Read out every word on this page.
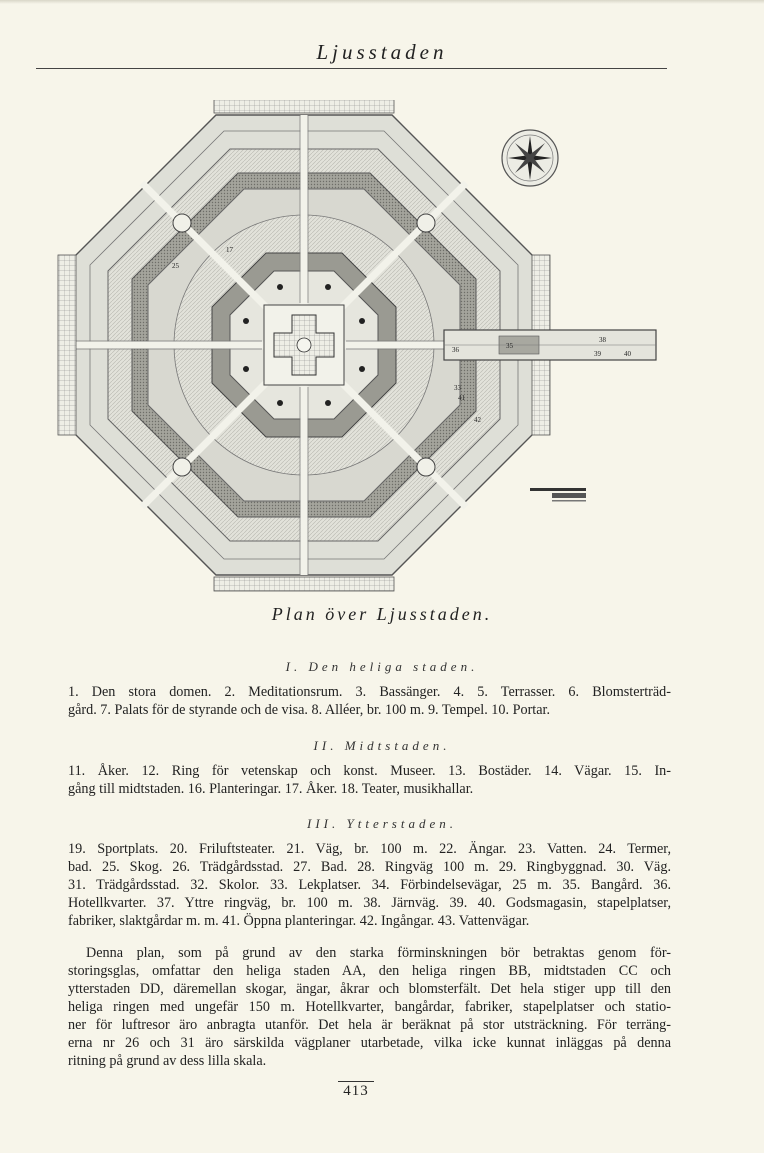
Ljusstaden
35
38
39	40
17
25
36
41
42
33
Plan över Ljusstaden.
I. Den heliga staden.
1. Den stora domen. 2. Meditationsrum. 3. Bassänger. 4. 5. Terrasser. 6. Blomsterträd-
gård. 7. Palats för de styrande och de visa. 8. Alléer, br. 100 m. 9. Tempel. 10. Portar.
II. Midtstaden.
11. Åker. 12. Ring för vetenskap och konst. Museer. 13. Bostäder. 14. Vägar. 15. In-
gång till midtstaden. 16. Planteringar. 17. Åker. 18. Teater, musikhallar.
III. Ytterstaden.
19. Sportplats. 20. Friluftsteater. 21. Väg, br. 100 m. 22. Ängar. 23. Vatten. 24. Termer,
bad. 25. Skog. 26. Trädgårdsstad. 27. Bad. 28. Ringväg 100 m. 29. Ringbyggnad. 30. Väg.
31. Trädgårdsstad. 32. Skolor. 33. Lekplatser. 34. Förbindelsevägar, 25 m. 35. Bangård. 36.
Hotellkvarter. 37. Yttre ringväg, br. 100 m. 38. Järnväg. 39. 40. Godsmagasin, stapelplatser,
fabriker, slaktgårdar m. m. 41. Öppna planteringar. 42. Ingångar. 43. Vattenvägar.
Denna plan, som på grund av den starka förminskningen bör betraktas genom för-
storingsglas, omfattar den heliga staden AA, den heliga ringen BB, midtstaden CC och
ytterstaden DD, däremellan skogar, ängar, åkrar och blomsterfält. Det hela stiger upp till den
heliga ringen med ungefär 150 m. Hotellkvarter, bangårdar, fabriker, stapelplatser och statio-
ner för luftresor äro anbragta utanför. Det hela är beräknat på stor utsträckning. För terräng-
erna nr 26 och 31 äro särskilda vägplaner utarbetade, vilka icke kunnat inläggas på denna
ritning på grund av dess lilla skala.
413
